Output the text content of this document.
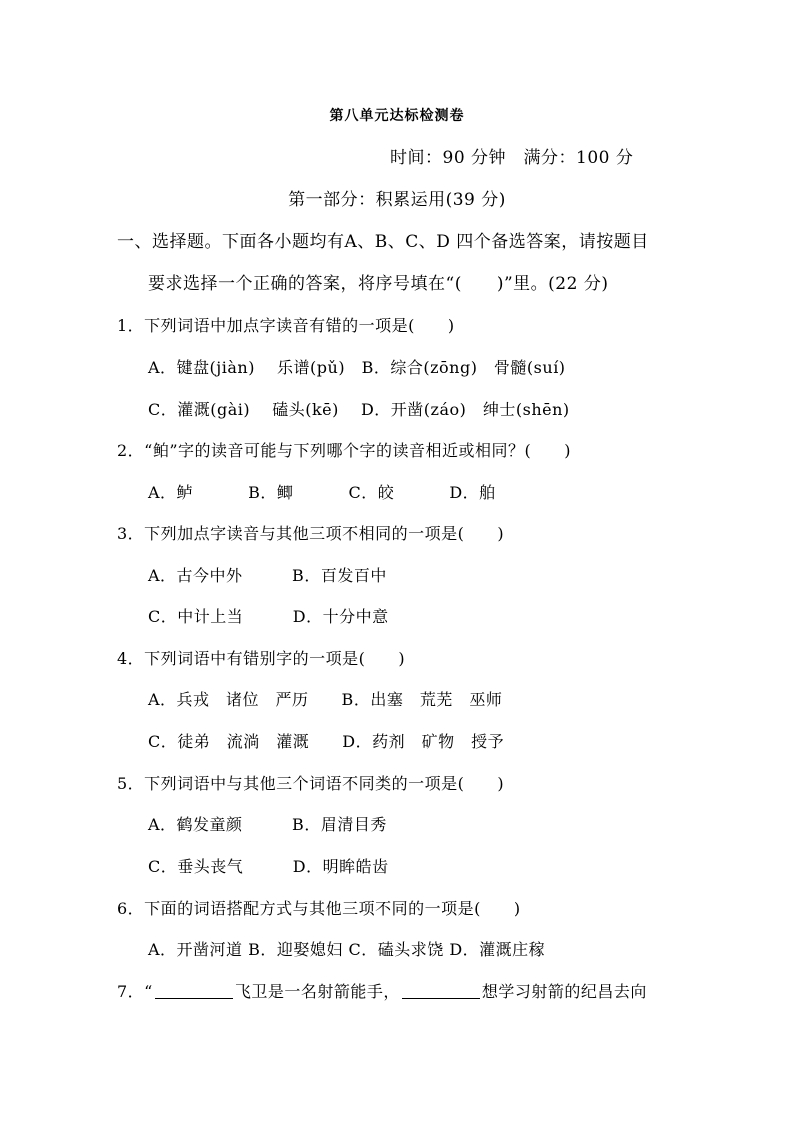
第八单元达标检测卷
时间：90 分钟　满分：100 分
第一部分：积累运用(39 分)
一、选择题。下面各小题均有A、B、C、D 四个备选答案，请按题目
要求选择一个正确的答案，将序号填在“(　　)”里。(22 分)
1．下列词语中加点字读音有错的一项是(　　)
A．键盘(jiàn)　 乐谱(pǔ)　B．综合(zōng)　骨髓(suí)
C．灌溉(gài)　 磕头(kē)　 D．开凿(záo)　绅士(shēn)
2．“鲌”字的读音可能与下列哪个字的读音相近或相同？(　　)
A．鲈　　　 B．鲫　　　 C．皎　　　 D．舶
3．下列加点字读音与其他三项不相同的一项是(　　)
A．古今中外　　　B．百发百中
C．中计上当　　　D．十分中意
4．下列词语中有错别字的一项是(　　)
A．兵戎　诸位　严历　　B．出塞　荒芜　巫师
C．徒弟　流淌　灌溉　　D．药剂　矿物　授予
5．下列词语中与其他三个词语不同类的一项是(　　)
A．鹤发童颜　　　B．眉清目秀
C．垂头丧气　　　D．明眸皓齿
6．下面的词语搭配方式与其他三项不同的一项是(　　)
A．开凿河道 B．迎娶媳妇 C．磕头求饶 D．灌溉庄稼
7．“	飞卫是一名射箭能手，	想学习射箭的纪昌去向
